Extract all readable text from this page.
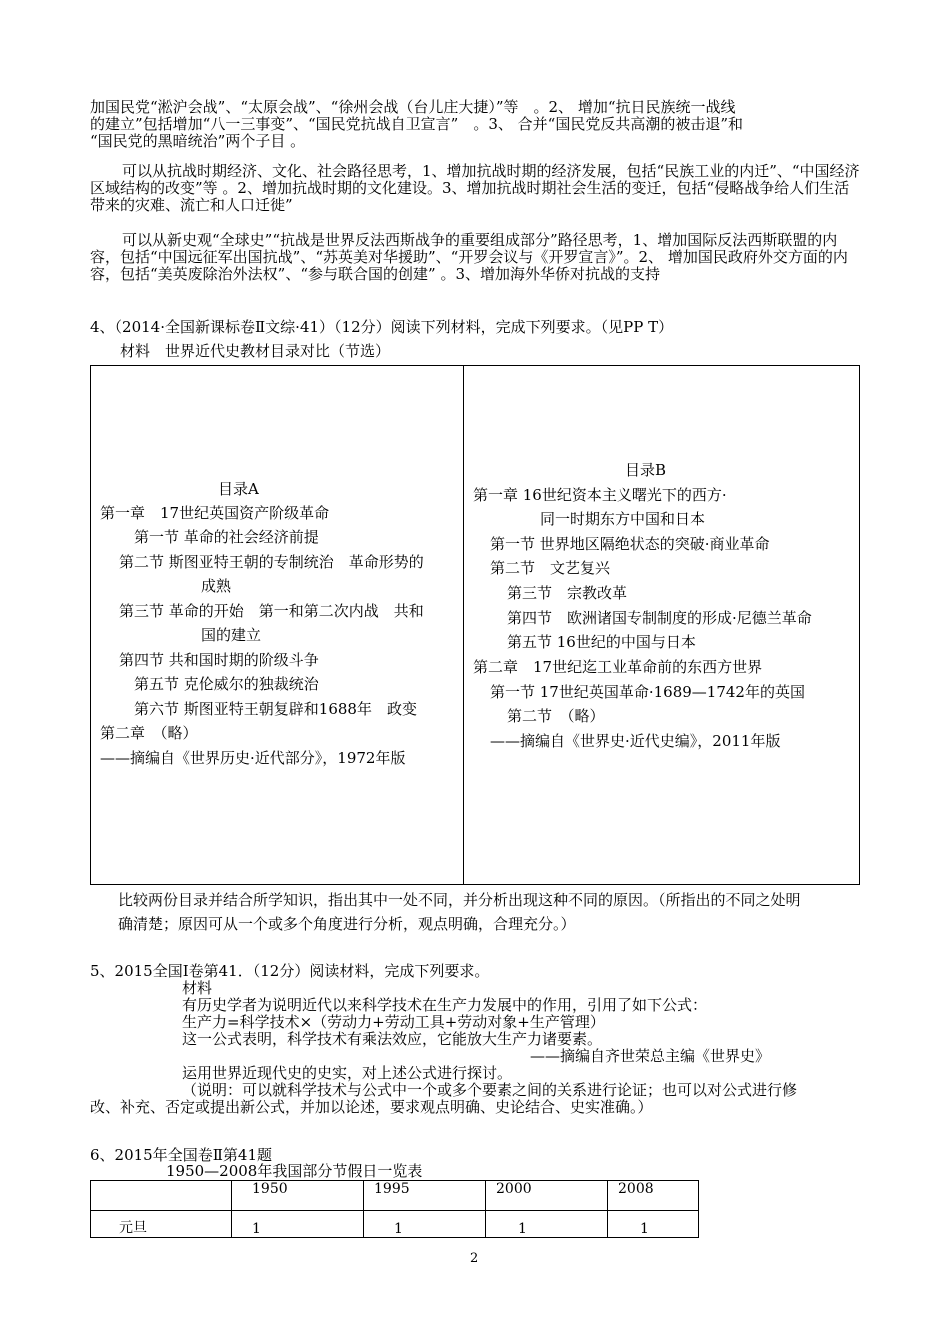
加国民党“淞沪会战”、“太原会战”、“徐州会战（台儿庄大捷）”等　。2、 增加“抗日民族统一战线
的建立”包括增加“八一三事变”、“国民党抗战自卫宣言”　。3、 合并“国民党反共高潮的被击退”和
“国民党的黑暗统治”两个子目 。
可以从抗战时期经济、文化、社会路径思考，1、增加抗战时期的经济发展，包括“民族工业的内迁”、“中国经济区域结构的改变”等 。2、增加抗战时期的文化建设。3、增加抗战时期社会生活的变迁，包括“侵略战争给人们生活带来的灾难、流亡和人口迁徙”
可以从新史观“全球史”“抗战是世界反法西斯战争的重要组成部分”路径思考，1、增加国际反法西斯联盟的内容，包括“中国远征军出国抗战”、“苏英美对华援助”、“开罗会议与《开罗宣言》”。2、 增加国民政府外交方面的内容，包括“美英废除治外法权”、“参与联合国的创建” 。3、增加海外华侨对抗战的支持
4、（2014·全国新课标卷Ⅱ文综·41）（12分）阅读下列材料，完成下列要求。（见PP T）
材料　世界近代史教材目录对比（节选）
目录A
第一章　17世纪英国资产阶级革命
第一节 革命的社会经济前提
第二节 斯图亚特王朝的专制统治　革命形势的
成熟
第三节 革命的开始　第一和第二次内战　共和
国的建立
第四节 共和国时期的阶级斗争
第五节 克伦威尔的独裁统治
第六节 斯图亚特王朝复辟和1688年　政变
第二章　（略）
——摘编自《世界历史·近代部分》，1972年版
目录B
第一章 16世纪资本主义曙光下的西方·
同一时期东方中国和日本
第一节 世界地区隔绝状态的突破·商业革命
第二节　文艺复兴
第三节　宗教改革
第四节　欧洲诸国专制制度的形成·尼德兰革命
第五节 16世纪的中国与日本
第二章　17世纪迄工业革命前的东西方世界
第一节 17世纪英国革命·1689—1742年的英国
第二节　（略）
——摘编自《世界史·近代史编》，2011年版
比较两份目录并结合所学知识，指出其中一处不同，并分析出现这种不同的原因。（所指出的不同之处明
确清楚；原因可从一个或多个角度进行分析，观点明确，合理充分。）
5、2015全国Ⅰ卷第41．（12分）阅读材料，完成下列要求。
材料
有历史学者为说明近代以来科学技术在生产力发展中的作用，引用了如下公式：
生产力=科学技术×（劳动力+劳动工具+劳动对象+生产管理）
这一公式表明，科学技术有乘法效应，它能放大生产力诸要素。
——摘编自齐世荣总主编《世界史》
运用世界近现代史的史实，对上述公式进行探讨。
（说明：可以就科学技术与公式中一个或多个要素之间的关系进行论证；也可以对公式进行修
改、补充、否定或提出新公式，并加以论述，要求观点明确、史论结合、史实准确。）
6、2015年全国卷Ⅱ第41题
1950—2008年我国部分节假日一览表
	1950	1995	2000	2008
元旦	1	1	1	1
2
